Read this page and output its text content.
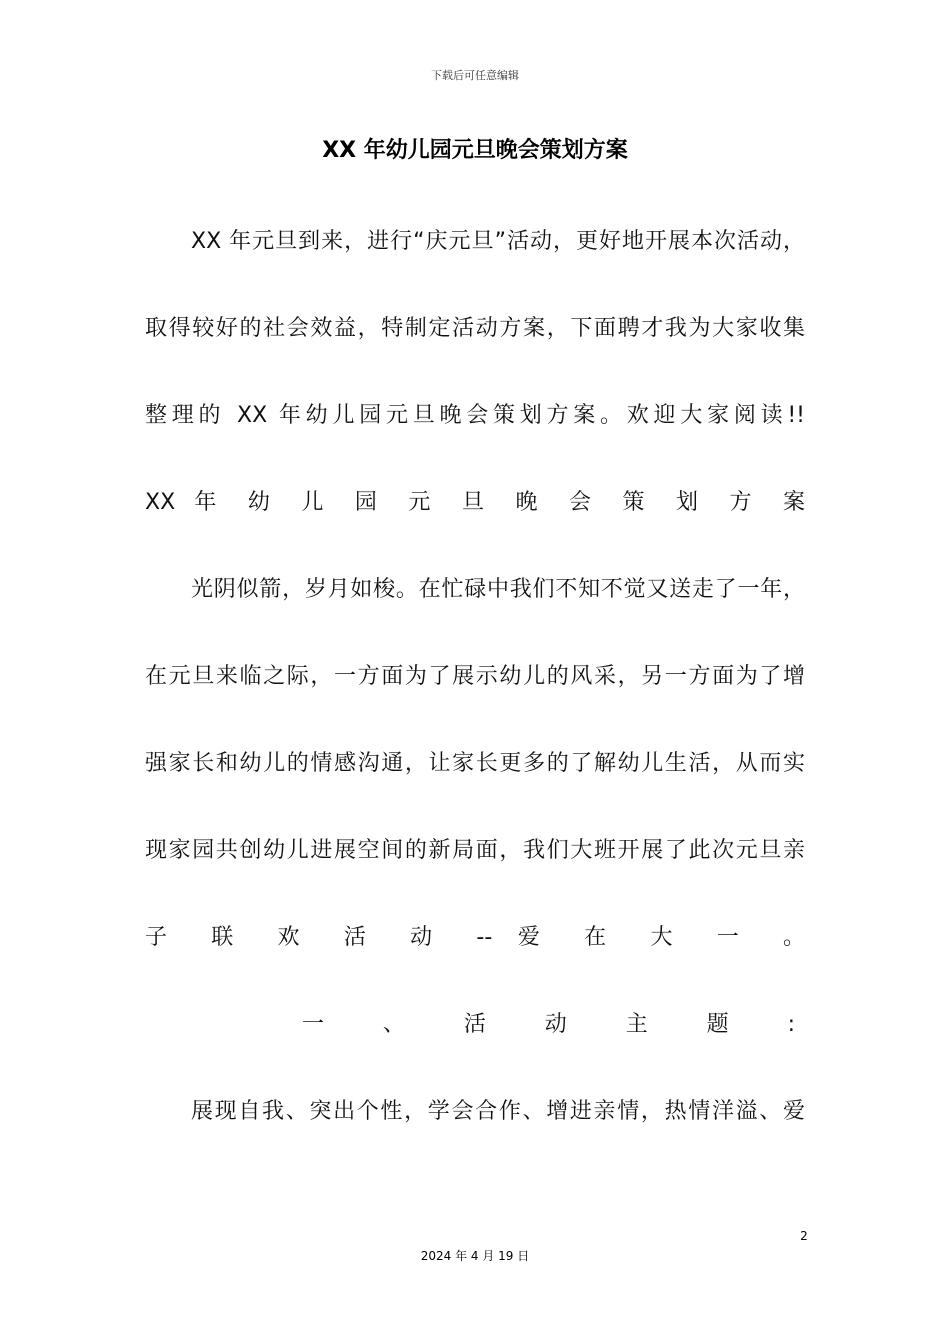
下载后可任意编辑
XX 年幼儿园元旦晚会策划方案
XX 年元旦到来，进行“庆元旦”活动，更好地开展本次活动，
取得较好的社会效益，特制定活动方案，下面聘才我为大家收集
整理的 XX 年幼儿园元旦晚会策划方案。欢迎大家阅读!!
XX 年 幼 儿 园 元 旦 晚 会 策 划 方 案
光阴似箭，岁月如梭。在忙碌中我们不知不觉又送走了一年，
在元旦来临之际，一方面为了展示幼儿的风采，另一方面为了增
强家长和幼儿的情感沟通，让家长更多的了解幼儿生活，从而实
现家园共创幼儿进展空间的新局面，我们大班开展了此次元旦亲
子 联 欢 活 动 -- 爱 在 大 一 。
一 、 活 动 主 题 :
展现自我、突出个性，学会合作、增进亲情，热情洋溢、爱
2
2024 年 4 月 19 日
